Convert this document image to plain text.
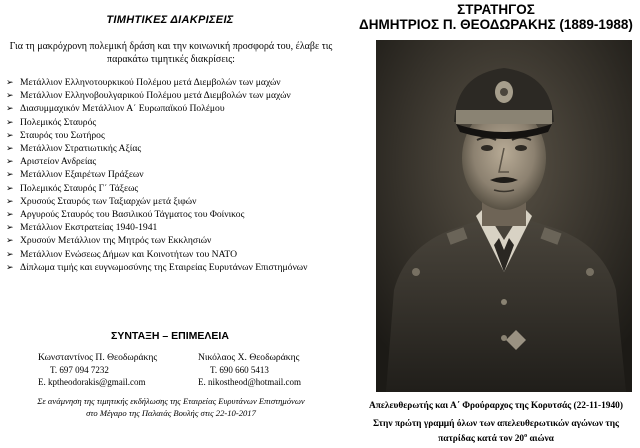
ΤΙΜΗΤΙΚΕΣ ΔΙΑΚΡΙΣΕΙΣ
Για τη μακρόχρονη πολεμική δράση και την κοινωνική προσφορά του, έλαβε τις παρακάτω τιμητικές διακρίσεις:
➢ Μετάλλιον Ελληνοτουρκικού Πολέμου μετά Διεμβολών των μαχών
➢ Μετάλλιον Ελληνοβουλγαρικού Πολέμου μετά Διεμβολών των μαχών
➢ Διασυμμαχικόν Μετάλλιον Α΄ Ευρωπαϊκού Πολέμου
➢ Πολεμικός Σταυρός
➢ Σταυρός του Σωτήρος
➢ Μετάλλιον Στρατιωτικής Αξίας
➢ Αριστείον Ανδρείας
➢ Μετάλλιον Εξαιρέτων Πράξεων
➢ Πολεμικός Σταυρός Γ΄ Τάξεως
➢ Χρυσούς Σταυρός των Ταξιαρχών μετά ξιφών
➢ Αργυρούς Σταυρός του Βασιλικού Τάγματος του Φοίνικος
➢ Μετάλλιον Εκστρατείας 1940-1941
➢ Χρυσούν Μετάλλιον της Μητρός των Εκκλησιών
➢ Μετάλλιον Ενώσεως Δήμων και Κοινοτήτων του ΝΑΤΟ
➢ Δίπλωμα τιμής και ευγνωμοσύνης της Εταιρείας Ευρυτάνων Επιστημόνων
ΣΥΝΤΑΞΗ – ΕΠΙΜΕΛΕΙΑ
Κωνσταντίνος Π. Θεοδωράκης
Τ. 697 094 7232
Ε. kptheodorakis@gmail.com
Νικόλαος Χ. Θεοδωράκης
Τ. 690 660 5413
Ε. nikostheod@hotmail.com
Σε ανάμνηση της τιμητικής εκδήλωσης της Εταιρείας Ευρυτάνων Επιστημόνων
στο Μέγαρο της Παλαιάς Βουλής στις 22-10-2017
ΣΤΡΑΤΗΓΟΣ
ΔΗΜΗΤΡΙΟΣ Π. ΘΕΟΔΩΡΑΚΗΣ (1889-1988)
Απελευθερωτής και Α΄ Φρούραρχος της Κορυτσάς (22-11-1940)
Στην πρώτη γραμμή όλων των απελευθερωτικών αγώνων της πατρίδας κατά τον $20^o$ αιώνα
